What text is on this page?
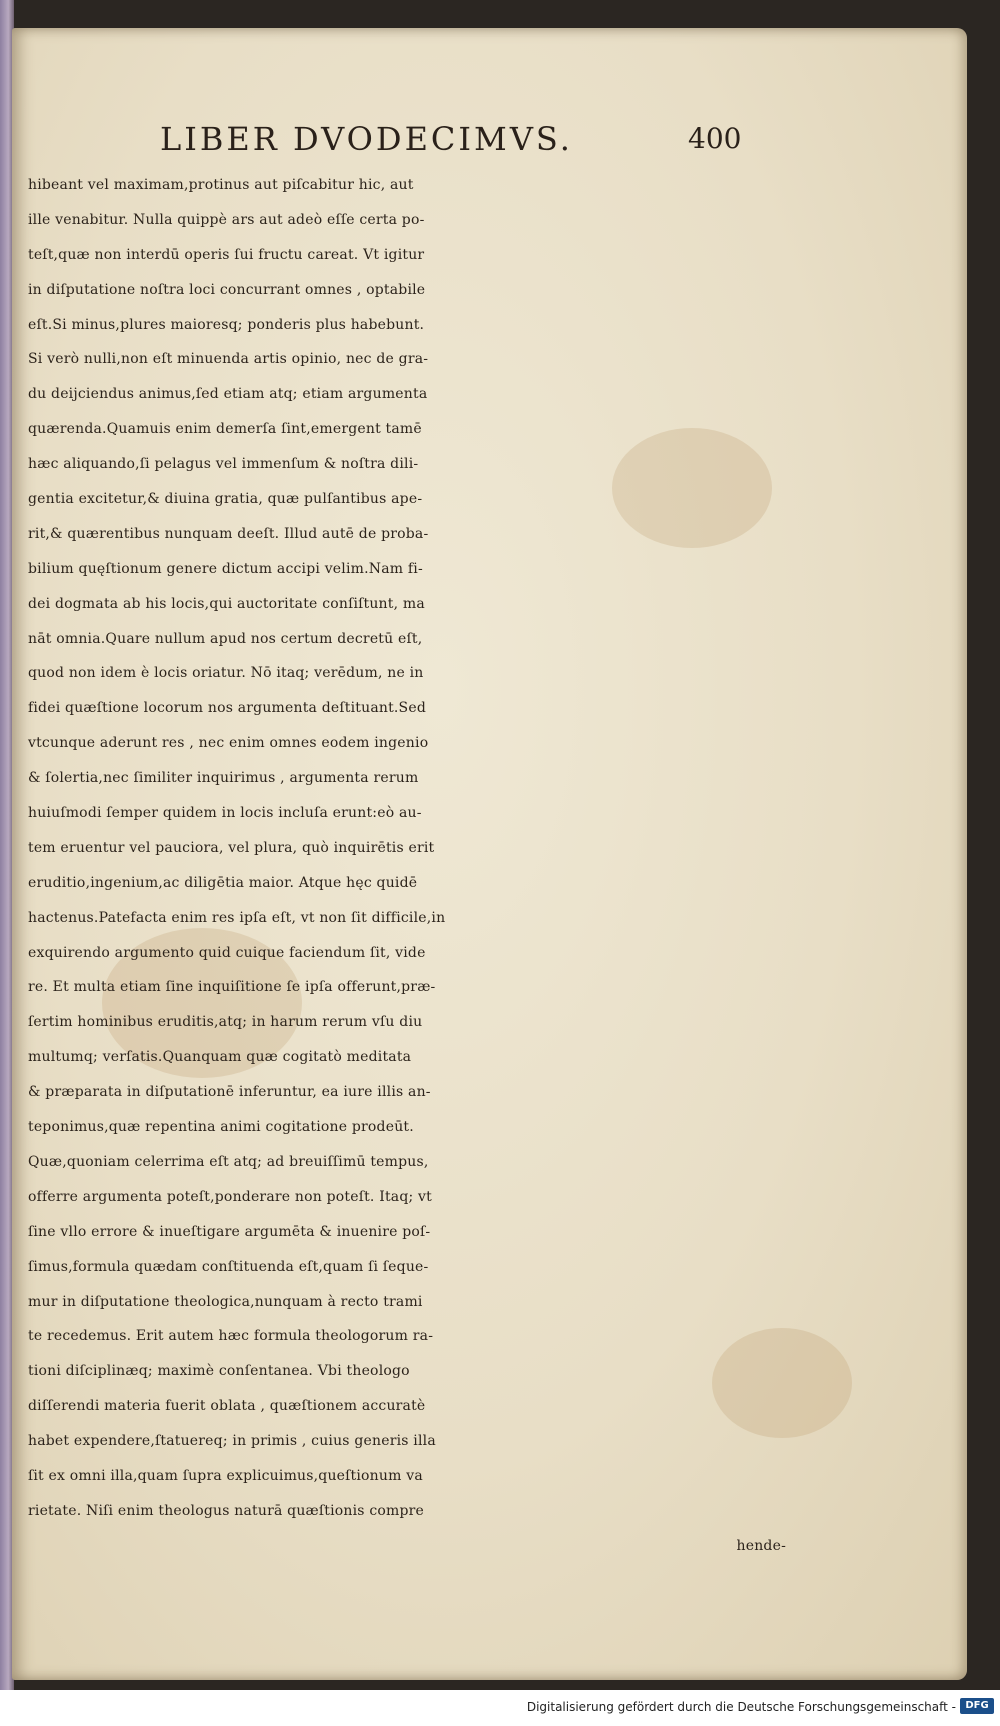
LIBER DVODECIMVS.	400
hibeant vel maximam,protinus aut piſcabitur hic, aut
ille venabitur. Nulla quippè ars aut adeò eſſe certa po-
teſt,quæ non interdū operis ſui fructu careat. Vt igitur
in diſputatione noſtra loci concurrant omnes , optabile
eſt.Si minus,plures maioresq; ponderis plus habebunt.
Si verò nulli,non eſt minuenda artis opinio, nec de gra-
du deijciendus animus,ſed etiam atq; etiam argumenta
quærenda.Quamuis enim demerſa ſint,emergent tamē
hæc aliquando,ſi pelagus vel immenſum & noſtra dili-
gentia excitetur,& diuina gratia, quæ pulſantibus ape-
rit,& quærentibus nunquam deeſt. Illud autē de proba-
bilium quęſtionum genere dictum accipi velim.Nam fi-
dei dogmata ab his locis,qui auctoritate conſiſtunt, ma
nāt omnia.Quare nullum apud nos certum decretū eſt,
quod non idem è locis oriatur. Nō itaq; verēdum, ne in
fidei quæſtione locorum nos argumenta deſtituant.Sed
vtcunque aderunt res , nec enim omnes eodem ingenio
& ſolertia,nec ſimiliter inquirimus , argumenta rerum
huiuſmodi ſemper quidem in locis incluſa erunt:eò au-
tem eruentur vel pauciora, vel plura, quò inquirētis erit
eruditio,ingenium,ac diligētia maior. Atque hęc quidē
hactenus.Patefacta enim res ipſa eſt, vt non ſit difficile,in
exquirendo argumento quid cuique faciendum ſit, vide
re. Et multa etiam ſine inquiſitione ſe ipſa offerunt,præ-
ſertim hominibus eruditis,atq; in harum rerum vſu diu
multumq; verſatis.Quanquam quæ cogitatò meditata
& præparata in diſputationē inferuntur, ea iure illis an-
teponimus,quæ repentina animi cogitatione prodeūt.
Quæ,quoniam celerrima eſt atq; ad breuiſſimū tempus,
offerre argumenta poteſt,ponderare non poteſt. Itaq; vt
ſine vllo errore & inueſtigare argumēta & inuenire poſ-
ſimus,formula quædam conſtituenda eſt,quam ſi ſeque-
mur in diſputatione theologica,nunquam à recto trami
te recedemus. Erit autem hæc formula theologorum ra-
tioni diſciplinæq; maximè conſentanea. Vbi theologo
diſſerendi materia fuerit oblata , quæſtionem accuratè
habet expendere,ſtatuereq; in primis , cuius generis illa
ſit ex omni illa,quam ſupra explicuimus,queſtionum va
rietate. Niſi enim theologus naturā quæſtionis compre
hende-
Digitalisierung gefördert durch die Deutsche Forschungsgemeinschaft - DFG
